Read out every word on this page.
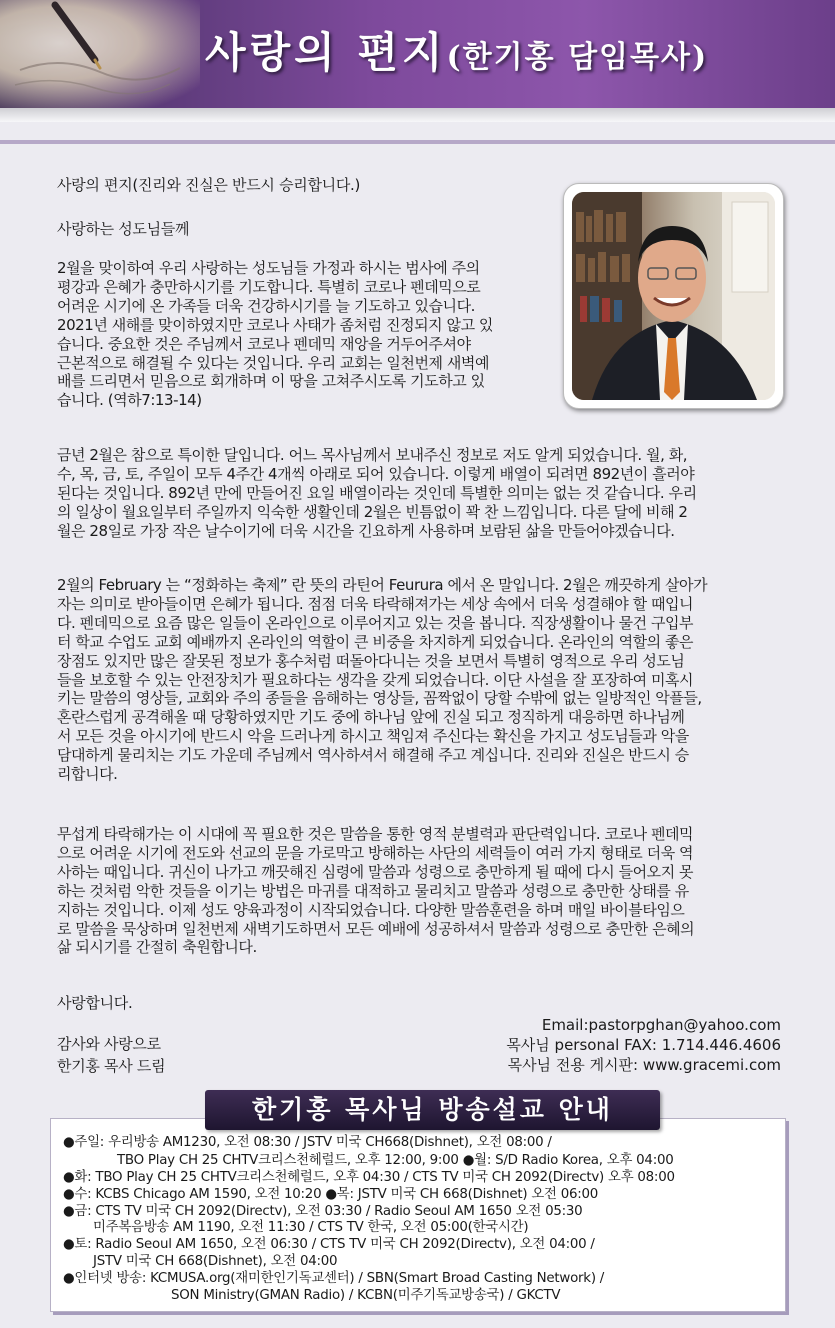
사랑의 편지(한기홍 담임목사)
사랑의 편지(진리와 진실은 반드시 승리합니다.)
사랑하는 성도님들께
2월을 맞이하여 우리 사랑하는 성도님들 가정과 하시는 범사에 주의
평강과 은혜가 충만하시기를 기도합니다. 특별히 코로나 펜데믹으로
어려운 시기에 온 가족들 더욱 건강하시기를 늘 기도하고 있습니다.
2021년 새해를 맞이하였지만 코로나 사태가 좀처럼 진정되지 않고 있
습니다. 중요한 것은 주님께서 코로나 펜데믹 재앙을 거두어주셔야
근본적으로 해결될 수 있다는 것입니다. 우리 교회는 일천번제 새벽예
배를 드리면서 믿음으로 회개하며 이 땅을 고쳐주시도록 기도하고 있
습니다. (역하7:13-14)
금년 2월은 참으로 특이한 달입니다. 어느 목사님께서 보내주신 정보로 저도 알게 되었습니다. 월, 화,
수, 목, 금, 토, 주일이 모두 4주간 4개씩 아래로 되어 있습니다. 이렇게 배열이 되려면 892년이 흘러야
된다는 것입니다. 892년 만에 만들어진 요일 배열이라는 것인데 특별한 의미는 없는 것 같습니다. 우리
의 일상이 월요일부터 주일까지 익숙한 생활인데 2월은 빈틈없이 꽉 찬 느낌입니다. 다른 달에 비해 2
월은 28일로 가장 작은 날수이기에 더욱 시간을 긴요하게 사용하며 보람된 삶을 만들어야겠습니다.
2월의 February 는 “정화하는 축제” 란 뜻의 라틴어 Feurura 에서 온 말입니다. 2월은 깨끗하게 살아가
자는 의미로 받아들이면 은혜가 됩니다. 점점 더욱 타락해져가는 세상 속에서 더욱 성결해야 할 때입니
다. 펜데믹으로 요즘 많은 일들이 온라인으로 이루어지고 있는 것을 봅니다. 직장생활이나 물건 구입부
터 학교 수업도 교회 예배까지 온라인의 역할이 큰 비중을 차지하게 되었습니다. 온라인의 역할의 좋은
장점도 있지만 많은 잘못된 정보가 홍수처럼 떠돌아다니는 것을 보면서 특별히 영적으로 우리 성도님
들을 보호할 수 있는 안전장치가 필요하다는 생각을 갖게 되었습니다. 이단 사설을 잘 포장하여 미혹시
키는 말씀의 영상들, 교회와 주의 종들을 음해하는 영상들, 꼼짝없이 당할 수밖에 없는 일방적인 악플들,
혼란스럽게 공격해올 때 당황하였지만 기도 중에 하나님 앞에 진실 되고 정직하게 대응하면 하나님께
서 모든 것을 아시기에 반드시 악을 드러나게 하시고 책임져 주신다는 확신을 가지고 성도님들과 악을
담대하게 물리치는 기도 가운데 주님께서 역사하셔서 해결해 주고 계십니다. 진리와 진실은 반드시 승
리합니다.
무섭게 타락해가는 이 시대에 꼭 필요한 것은 말씀을 통한 영적 분별력과 판단력입니다. 코로나 펜데믹
으로 어려운 시기에 전도와 선교의 문을 가로막고 방해하는 사단의 세력들이 여러 가지 형태로 더욱 역
사하는 때입니다. 귀신이 나가고 깨끗해진 심령에 말씀과 성령으로 충만하게 될 때에 다시 들어오지 못
하는 것처럼 악한 것들을 이기는 방법은 마귀를 대적하고 물리치고 말씀과 성령으로 충만한 상태를 유
지하는 것입니다. 이제 성도 양육과정이 시작되었습니다. 다양한 말씀훈련을 하며 매일 바이블타임으
로 말씀을 묵상하며 일천번제 새벽기도하면서 모든 예배에 성공하셔서 말씀과 성령으로 충만한 은혜의
삶 되시기를 간절히 축원합니다.
사랑합니다.
감사와 사랑으로
한기홍 목사 드림
Email:pastorpghan@yahoo.com
목사님 personal FAX: 1.714.446.4606
목사님 전용 게시판: www.gracemi.com
●주일: 우리방송 AM1230, 오전 08:30 / JSTV 미국 CH668(Dishnet), 오전 08:00 /
TBO Play CH 25 CHTV크리스천헤럴드, 오후 12:00, 9:00 ●월: S/D Radio Korea, 오후 04:00
●화: TBO Play CH 25 CHTV크리스천헤럴드, 오후 04:30 / CTS TV 미국 CH 2092(Directv) 오후 08:00
●수: KCBS Chicago AM 1590, 오전 10:20 ●목: JSTV 미국 CH 668(Dishnet) 오전 06:00
●금: CTS TV 미국 CH 2092(Directv), 오전 03:30 / Radio Seoul AM 1650 오전 05:30
미주복음방송 AM 1190, 오전 11:30 / CTS TV 한국, 오전 05:00(한국시간)
●토: Radio Seoul AM 1650, 오전 06:30 / CTS TV 미국 CH 2092(Directv), 오전 04:00 /
JSTV 미국 CH 668(Dishnet), 오전 04:00
●인터넷 방송: KCMUSA.org(재미한인기독교센터) / SBN(Smart Broad Casting Network) /
SON Ministry(GMAN Radio) / KCBN(미주기독교방송국) / GKCTV
한기홍 목사님 방송설교 안내
